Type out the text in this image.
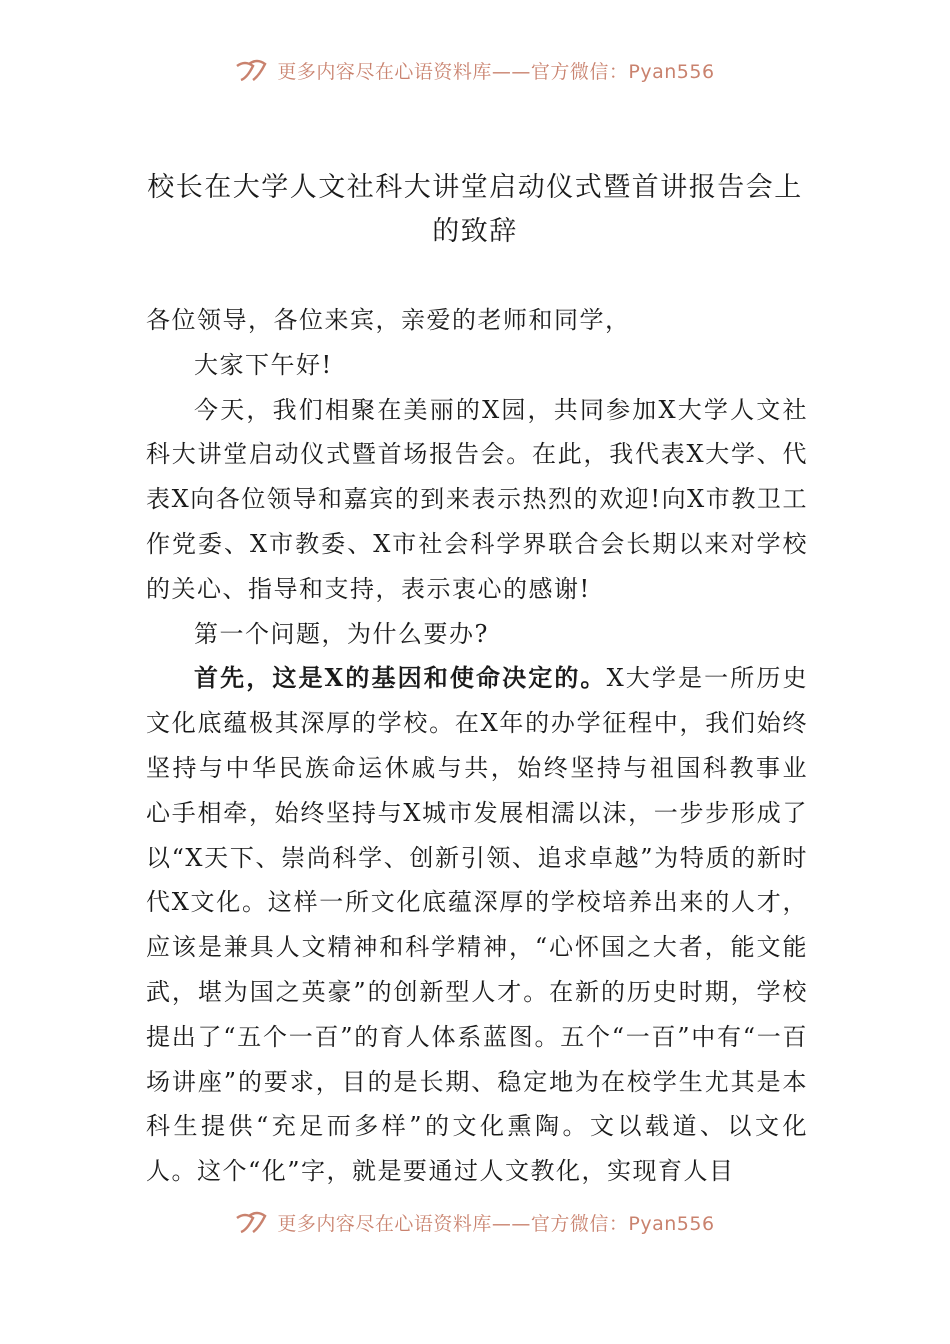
更多内容尽在心语资料库——官方微信：Pyan556
校长在大学人文社科大讲堂启动仪式暨首讲报告会上的致辞

各位领导，各位来宾，亲爱的老师和同学，

大家下午好!

今天，我们相聚在美丽的X园，共同参加X大学人文社科大讲堂启动仪式暨首场报告会。在此，我代表X大学、代表X向各位领导和嘉宾的到来表示热烈的欢迎!向X市教卫工作党委、X市教委、X市社会科学界联合会长期以来对学校的关心、指导和支持，表示衷心的感谢!

第一个问题，为什么要办?

首先，这是X的基因和使命决定的。X大学是一所历史文化底蕴极其深厚的学校。在X年的办学征程中，我们始终坚持与中华民族命运休戚与共，始终坚持与祖国科教事业心手相牵，始终坚持与X城市发展相濡以沫，一步步形成了以“X天下、崇尚科学、创新引领、追求卓越”为特质的新时代X文化。这样一所文化底蕴深厚的学校培养出来的人才，应该是兼具人文精神和科学精神，“心怀国之大者，能文能武，堪为国之英豪”的创新型人才。在新的历史时期，学校提出了“五个一百”的育人体系蓝图。五个“一百”中有“一百场讲座”的要求，目的是长期、稳定地为在校学生尤其是本科生提供“充足而多样”的文化熏陶。文以载道、以文化人。这个“化”字，就是要通过人文教化，实现育人目

更多内容尽在心语资料库——官方微信：Pyan556
